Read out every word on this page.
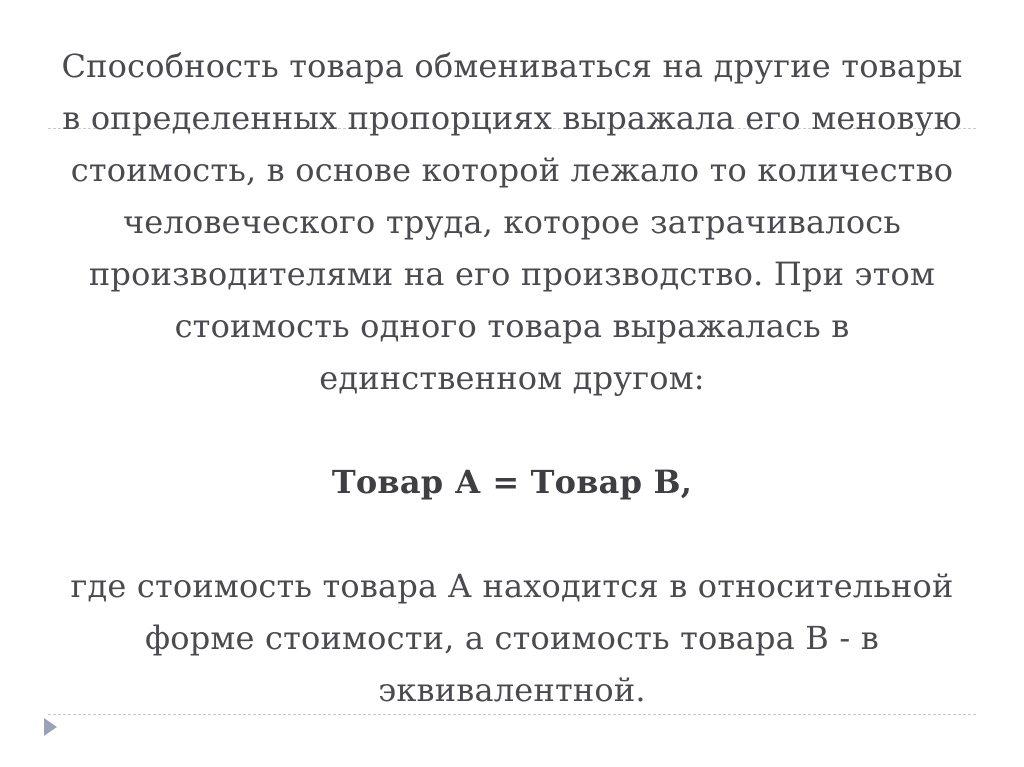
Способность товара обмениваться на другие товары в определенных пропорциях выражала его меновую стоимость, в основе которой лежало то количество человеческого труда, которое затрачивалось производителями на его производство. При этом стоимость одного товара выражалась в единственном другом:

Товар А = Товар В,

где стоимость товара А находится в относительной форме стоимости, а стоимость товара В - в эквивалентной.
